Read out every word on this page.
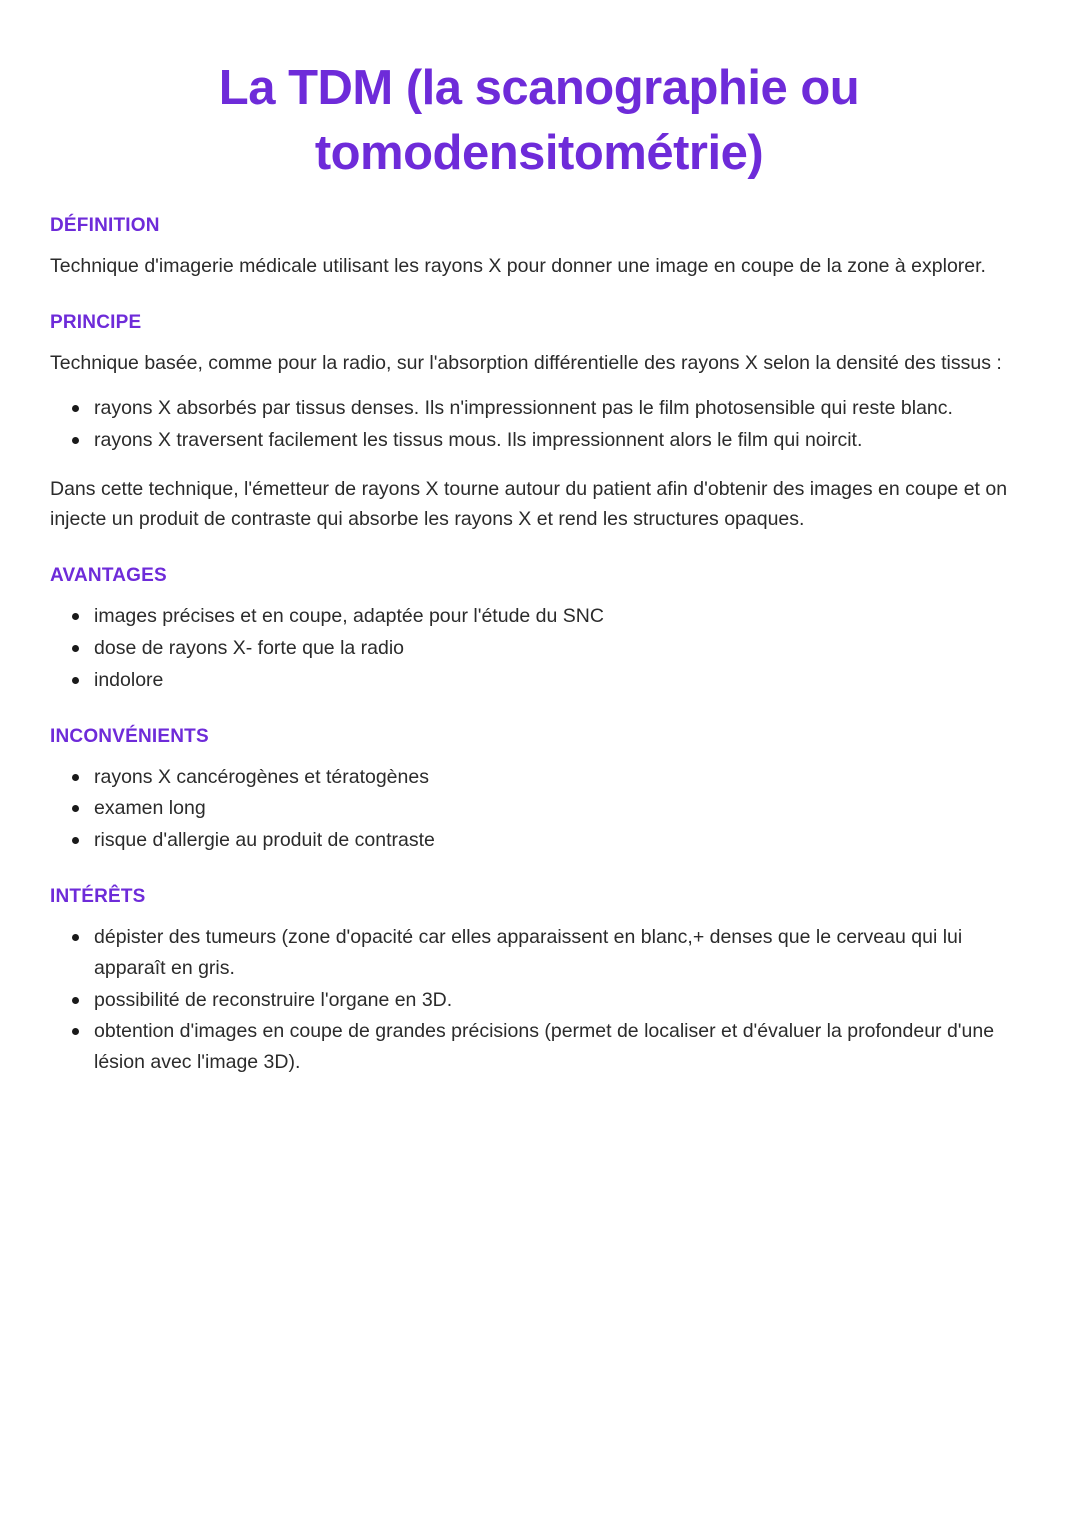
La TDM (la scanographie ou tomodensitométrie)
DÉFINITION

Technique d'imagerie médicale utilisant les rayons X pour donner une image en coupe de la zone à explorer.

PRINCIPE

Technique basée, comme pour la radio, sur l'absorption différentielle des rayons X selon la densité des tissus :

rayons X absorbés par tissus denses. Ils n'impressionnent pas le film photosensible qui reste blanc.
rayons X traversent facilement les tissus mous. Ils impressionnent alors le film qui noircit.

Dans cette technique, l'émetteur de rayons X tourne autour du patient afin d'obtenir des images en coupe et on injecte un produit de contraste qui absorbe les rayons X et rend les structures opaques.

AVANTAGES
images précises et en coupe, adaptée pour l'étude du SNC
dose de rayons X- forte que la radio
indolore
INCONVÉNIENTS
rayons X cancérogènes et tératogènes
examen long
risque d'allergie au produit de contraste
INTÉRÊTS
dépister des tumeurs (zone d'opacité car elles apparaissent en blanc,+ denses que le cerveau qui lui apparaît en gris.
possibilité de reconstruire l'organe en 3D.
obtention d'images en coupe de grandes précisions (permet de localiser et d'évaluer la profondeur d'une lésion avec l'image 3D).
